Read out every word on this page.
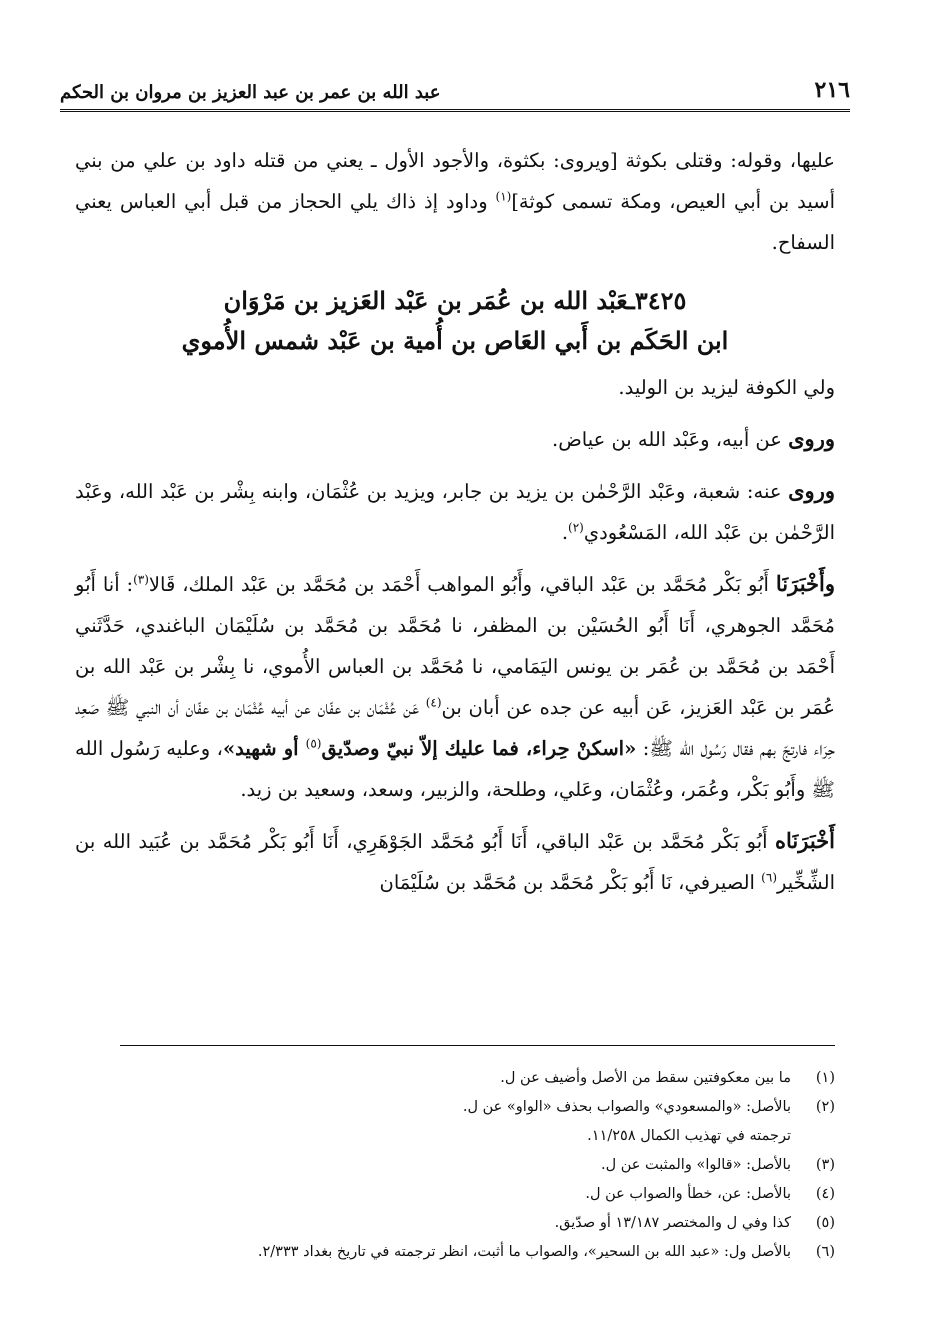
٢١٦
عبد الله بن عمر بن عبد العزيز بن مروان بن الحكم

عليها، وقوله: وقتلى بكوثة [ويروى: بكثوة، والأجود الأول ـ يعني من قتله داود بن علي من بني أسيد بن أبي العيص، ومكة تسمى كوثة]$^{(١)}$ وداود إذ ذاك يلي الحجاز من قبل أبي العباس يعني السفاح.

٣٤٢٥ـعَبْد الله بن عُمَر بن عَبْد العَزيز بن مَرْوَان
ابن الحَكَم بن أَبي العَاص بن أُمية بن عَبْد شمس الأُموي

ولي الكوفة ليزيد بن الوليد.

وروى عن أبيه، وعَبْد الله بن عياض.

وروى عنه: شعبة، وعَبْد الرَّحْمٰن بن يزيد بن جابر، ويزيد بن عُثْمَان، وابنه بِشْر بن عَبْد الله، وعَبْد الرَّحْمٰن بن عَبْد الله، المَسْعُودي$^{(٢)}$.

وأَخْبَرَنَا أَبُو بَكْر مُحَمَّد بن عَبْد الباقي، وأَبُو المواهب أَحْمَد بن مُحَمَّد بن عَبْد الملك، قَالا$^{(٣)}$: أنا أَبُو مُحَمَّد الجوهري، أَنَا أَبُو الحُسَيْن بن المظفر، نا مُحَمَّد بن مُحَمَّد بن سُلَيْمَان الباغندي، حَدَّثَني أَحْمَد بن مُحَمَّد بن عُمَر بن يونس اليَمَامي، نا مُحَمَّد بن العباس الأُموي، نا بِشْر بن عَبْد الله بن عُمَر بن عَبْد العَزيز، عَن أبيه عن جده عن أبان بن$^{(٤)}$ عَن عُثْمَان بن عفّان عن أبيه عُثْمَان بن عفّان أن النبي ﷺ صَعِد حِرَاء فارتجّ بهم فقال رَسُول الله ﷺ: «اسكنْ حِراء، فما عليك إلاّ نبيّ وصدّيق$^{(٥)}$ أو شهيد»، وعليه رَسُول الله ﷺ وأَبُو بَكْر، وعُمَر، وعُثْمَان، وعَلي، وطلحة، والزبير، وسعد، وسعيد بن زيد.

أَخْبَرَنَاه أَبُو بَكْر مُحَمَّد بن عَبْد الباقي، أَنَا أَبُو مُحَمَّد الجَوْهَرِي، أَنَا أَبُو بَكْر مُحَمَّد بن عُبَيد الله بن الشِّخِّير$^{(٦)}$ الصيرفي، نَا أَبُو بَكْر مُحَمَّد بن مُحَمَّد بن سُلَيْمَان

(١)
ما بين معكوفتين سقط من الأصل وأضيف عن ل.
(٢)
بالأصل: «والمسعودي» والصواب بحذف «الواو» عن ل.
ترجمته في تهذيب الكمال ١١/٢٥٨.
(٣)
بالأصل: «قالوا» والمثبت عن ل.
(٤)
بالأصل: عن، خطأ والصواب عن ل.
(٥)
كذا وفي ل والمختصر ١٣/١٨٧ أو صدّيق.
(٦)
بالأصل ول: «عبد الله بن السحير»، والصواب ما أثبت، انظر ترجمته في تاريخ بغداد ٢/٣٣٣.
